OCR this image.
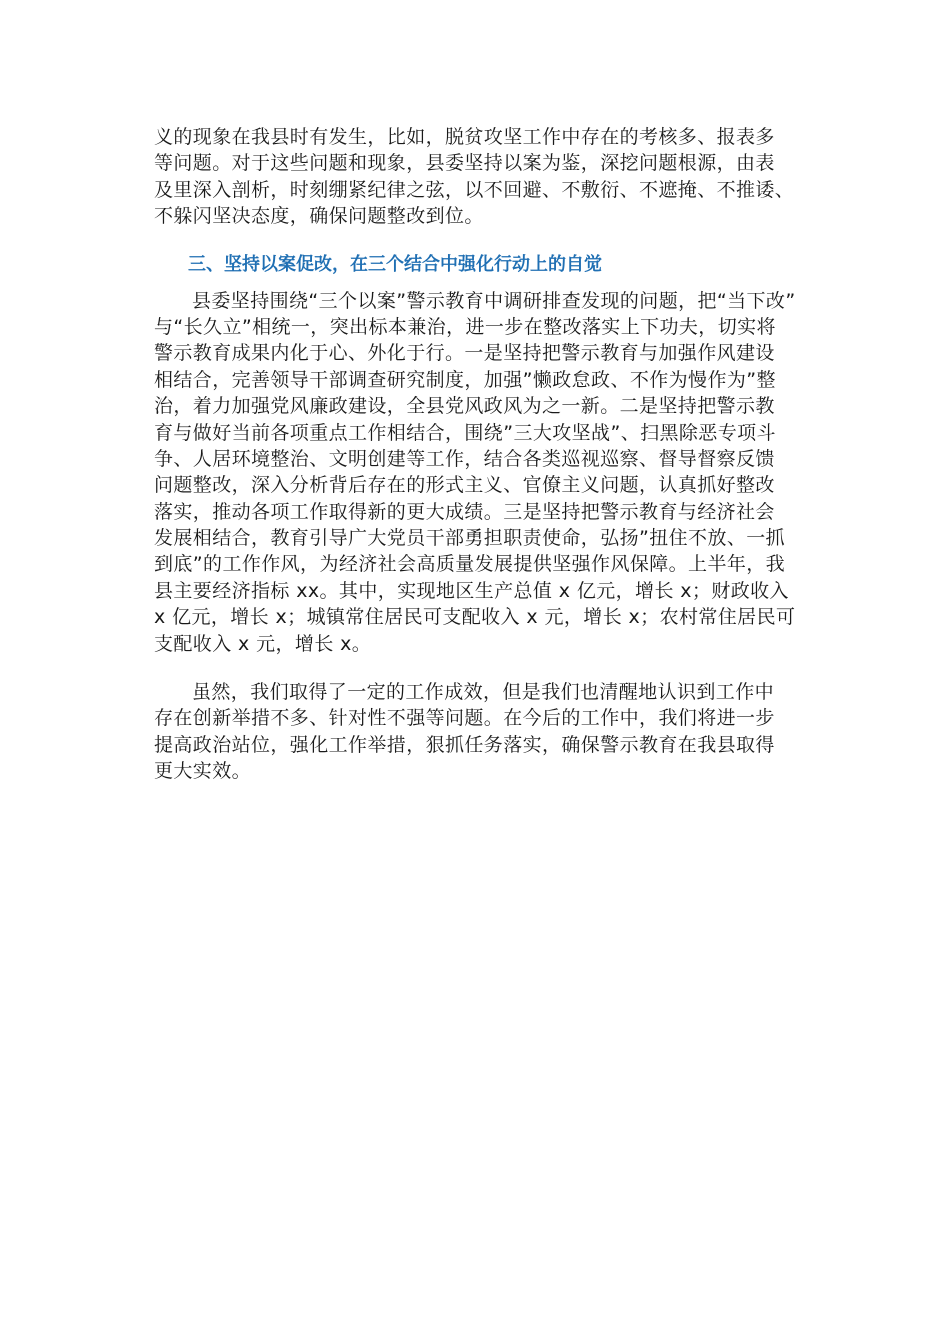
义的现象在我县时有发生，比如，脱贫攻坚工作中存在的考核多、报表多
等问题。对于这些问题和现象，县委坚持以案为鉴，深挖问题根源，由表
及里深入剖析，时刻绷紧纪律之弦，以不回避、不敷衍、不遮掩、不推诿、
不躲闪坚决态度，确保问题整改到位。
三、坚持以案促改，在三个结合中强化行动上的自觉
县委坚持围绕“三个以案”警示教育中调研排查发现的问题，把“当下改”
与“长久立”相统一，突出标本兼治，进一步在整改落实上下功夫，切实将
警示教育成果内化于心、外化于行。一是坚持把警示教育与加强作风建设
相结合，完善领导干部调查研究制度，加强”懒政怠政、不作为慢作为”整
治，着力加强党风廉政建设，全县党风政风为之一新。二是坚持把警示教
育与做好当前各项重点工作相结合，围绕”三大攻坚战”、扫黑除恶专项斗
争、人居环境整治、文明创建等工作，结合各类巡视巡察、督导督察反馈
问题整改，深入分析背后存在的形式主义、官僚主义问题，认真抓好整改
落实，推动各项工作取得新的更大成绩。三是坚持把警示教育与经济社会
发展相结合，教育引导广大党员干部勇担职责使命，弘扬”扭住不放、一抓
到底”的工作作风，为经济社会高质量发展提供坚强作风保障。上半年，我
县主要经济指标 xx。其中，实现地区生产总值 x 亿元，增长 x；财政收入
x 亿元，增长 x；城镇常住居民可支配收入 x 元，增长 x；农村常住居民可
支配收入 x 元，增长 x。
虽然，我们取得了一定的工作成效，但是我们也清醒地认识到工作中
存在创新举措不多、针对性不强等问题。在今后的工作中，我们将进一步
提高政治站位，强化工作举措，狠抓任务落实，确保警示教育在我县取得
更大实效。
